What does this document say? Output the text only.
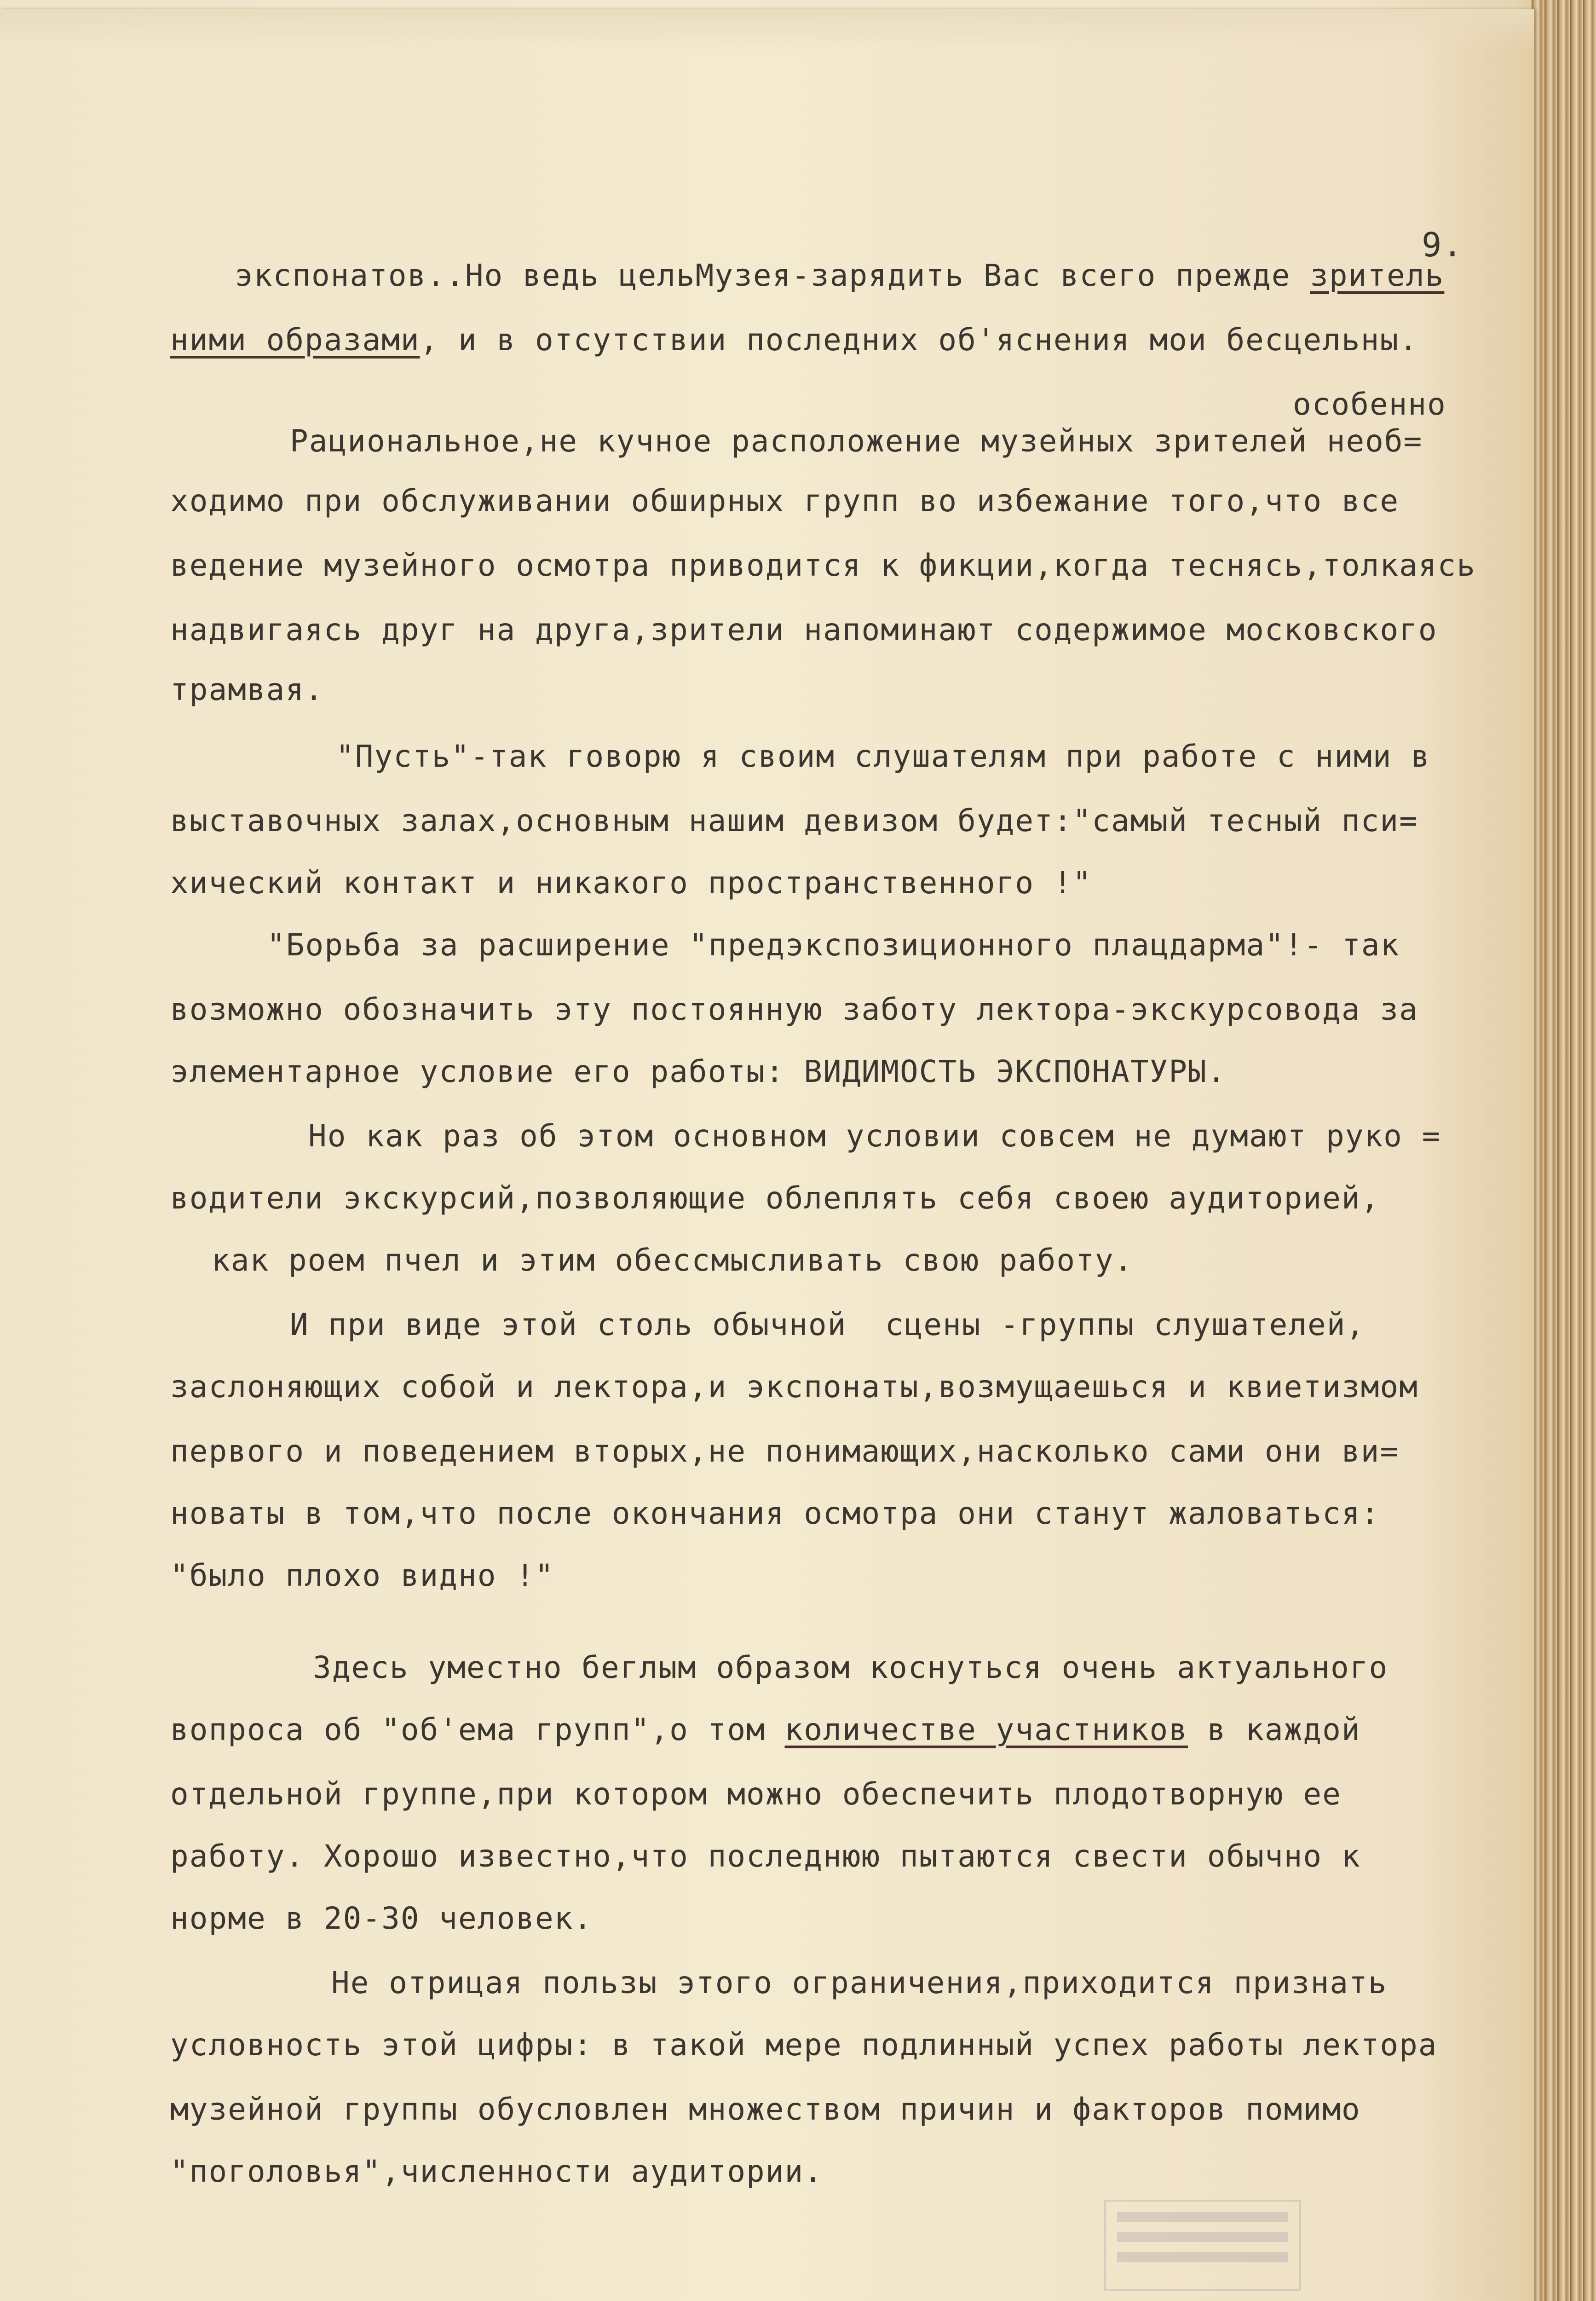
9.
экспонатов..Но ведь цельМузея-зарядить Вас всего прежде зритель
ними образами, и в отсутствии последних об'яснения мои бесцельны.
особенно
Рациональное,не кучное расположение музейных зрителей необ=
ходимо при обслуживании обширных групп во избежание того,что все
ведение музейного осмотра приводится к фикции,когда теснясь,толкаясь
надвигаясь друг на друга,зрители напоминают содержимое московского
трамвая.
"Пусть"-так говорю я своим слушателям при работе с ними в
выставочных залах,основным нашим девизом будет:"самый тесный пси=
хический контакт и никакого пространственного !"
"Борьба за расширение "предэкспозиционного плацдарма"!- так
возможно обозначить эту постоянную заботу лектора-экскурсовода за
элементарное условие его работы: ВИДИМОСТЬ ЭКСПОНАТУРЫ.
Но как раз об этом основном условии совсем не думают руко =
водители экскурсий,позволяющие облеплять себя своею аудиторией,
как роем пчел и этим обессмысливать свою работу.
И при виде этой столь обычной  сцены -группы слушателей,
заслоняющих собой и лектора,и экспонаты,возмущаешься и квиетизмом
первого и поведением вторых,не понимающих,насколько сами они ви=
новаты в том,что после окончания осмотра они станут жаловаться:
"было плохо видно !"
Здесь уместно беглым образом коснуться очень актуального
вопроса об "об'ема групп",о том количестве участников в каждой
отдельной группе,при котором можно обеспечить плодотворную ее
работу. Хорошо известно,что последнюю пытаются свести обычно к
норме в 20-30 человек.
Не отрицая пользы этого ограничения,приходится признать
условность этой цифры: в такой мере подлинный успех работы лектора
музейной группы обусловлен множеством причин и факторов помимо
"поголовья",численности аудитории.
